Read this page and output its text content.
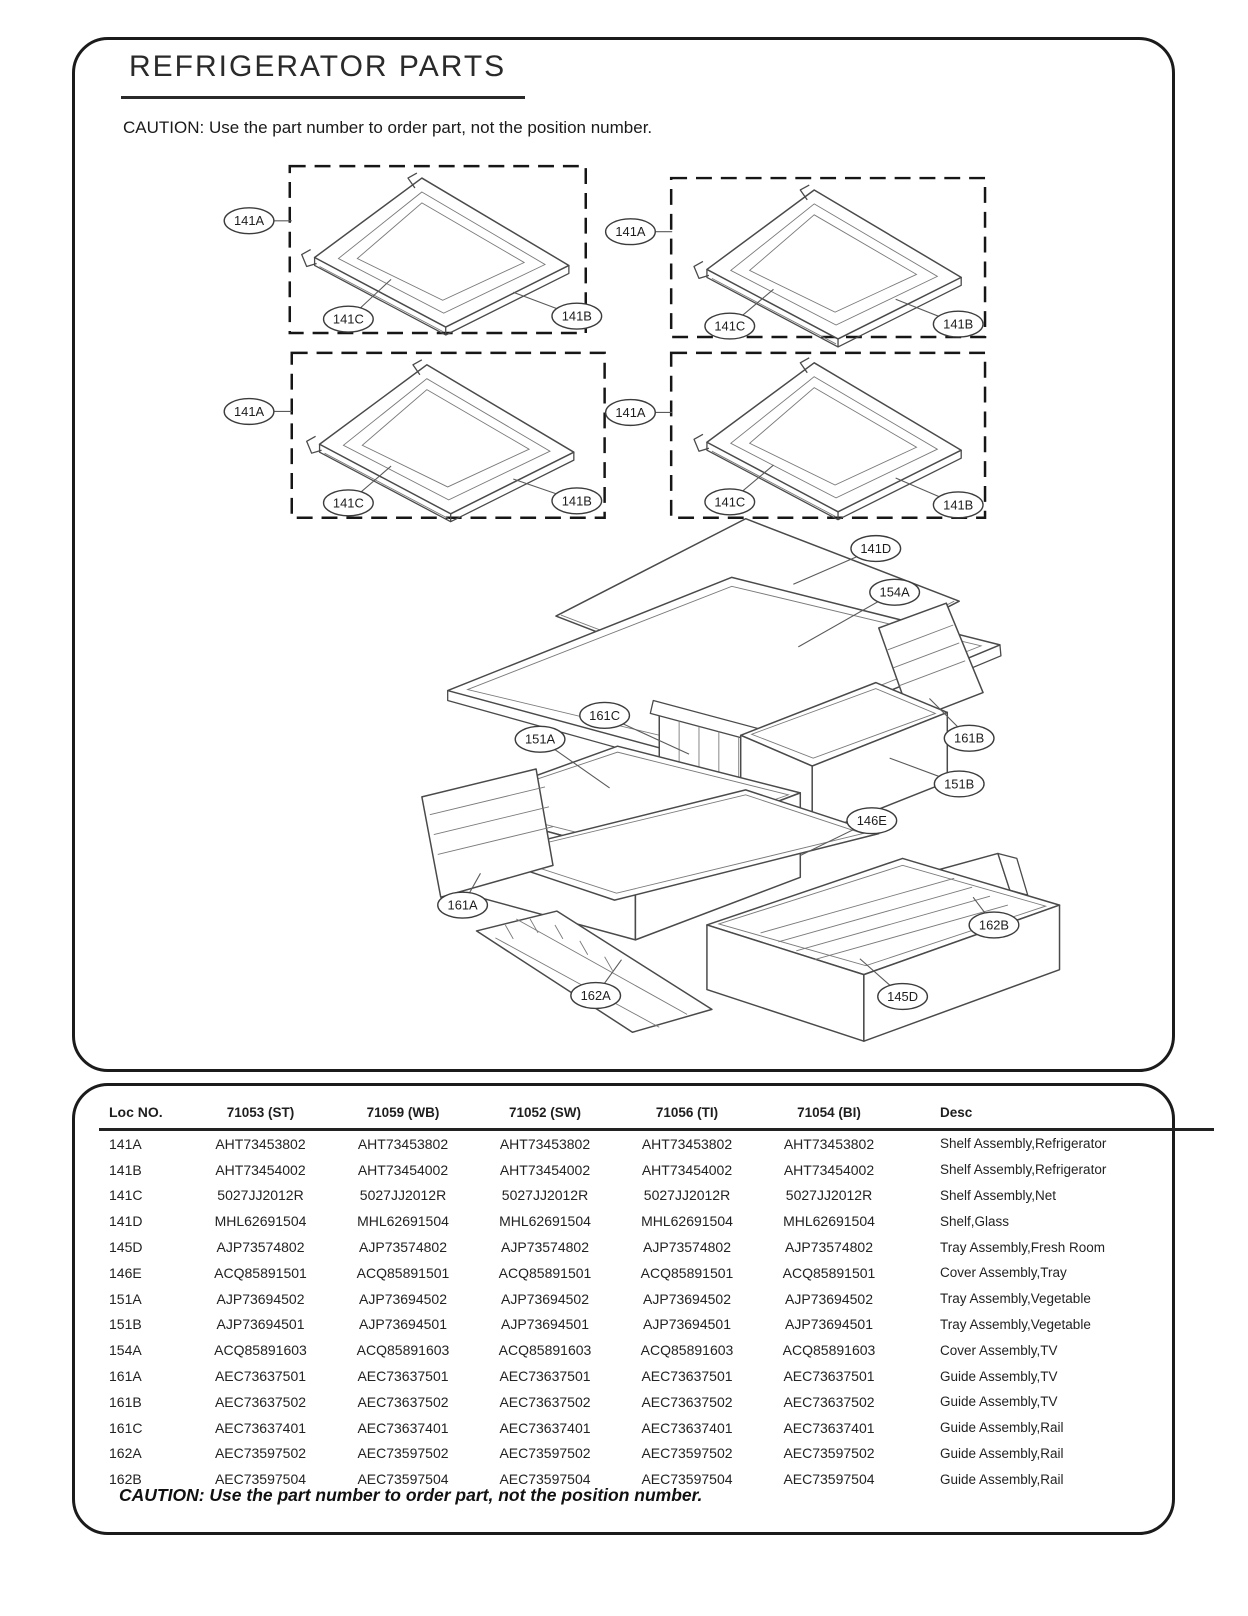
REFRIGERATOR PARTS
CAUTION: Use the part number to order part, not the position number.
141A
141C	141B
141A
141C	141B
141A
141C	141B
141A
141C	141B
141D
154A
161C
151A	161B
151B
146E
161A
162B
145D
162A
Loc NO.	71053 (ST)	71059 (WB)	71052 (SW)	71056 (TI)	71054 (BI)	Desc
141A	AHT73453802	AHT73453802	AHT73453802	AHT73453802	AHT73453802	Shelf Assembly,Refrigerator
141B	AHT73454002	AHT73454002	AHT73454002	AHT73454002	AHT73454002	Shelf Assembly,Refrigerator
141C	5027JJ2012R	5027JJ2012R	5027JJ2012R	5027JJ2012R	5027JJ2012R	Shelf Assembly,Net
141D	MHL62691504	MHL62691504	MHL62691504	MHL62691504	MHL62691504	Shelf,Glass
145D	AJP73574802	AJP73574802	AJP73574802	AJP73574802	AJP73574802	Tray Assembly,Fresh Room
146E	ACQ85891501	ACQ85891501	ACQ85891501	ACQ85891501	ACQ85891501	Cover Assembly,Tray
151A	AJP73694502	AJP73694502	AJP73694502	AJP73694502	AJP73694502	Tray Assembly,Vegetable
151B	AJP73694501	AJP73694501	AJP73694501	AJP73694501	AJP73694501	Tray Assembly,Vegetable
154A	ACQ85891603	ACQ85891603	ACQ85891603	ACQ85891603	ACQ85891603	Cover Assembly,TV
161A	AEC73637501	AEC73637501	AEC73637501	AEC73637501	AEC73637501	Guide Assembly,TV
161B	AEC73637502	AEC73637502	AEC73637502	AEC73637502	AEC73637502	Guide Assembly,TV
161C	AEC73637401	AEC73637401	AEC73637401	AEC73637401	AEC73637401	Guide Assembly,Rail
162A	AEC73597502	AEC73597502	AEC73597502	AEC73597502	AEC73597502	Guide Assembly,Rail
162B	AEC73597504	AEC73597504	AEC73597504	AEC73597504	AEC73597504	Guide Assembly,Rail
CAUTION: Use the part number to order part, not the position number.
